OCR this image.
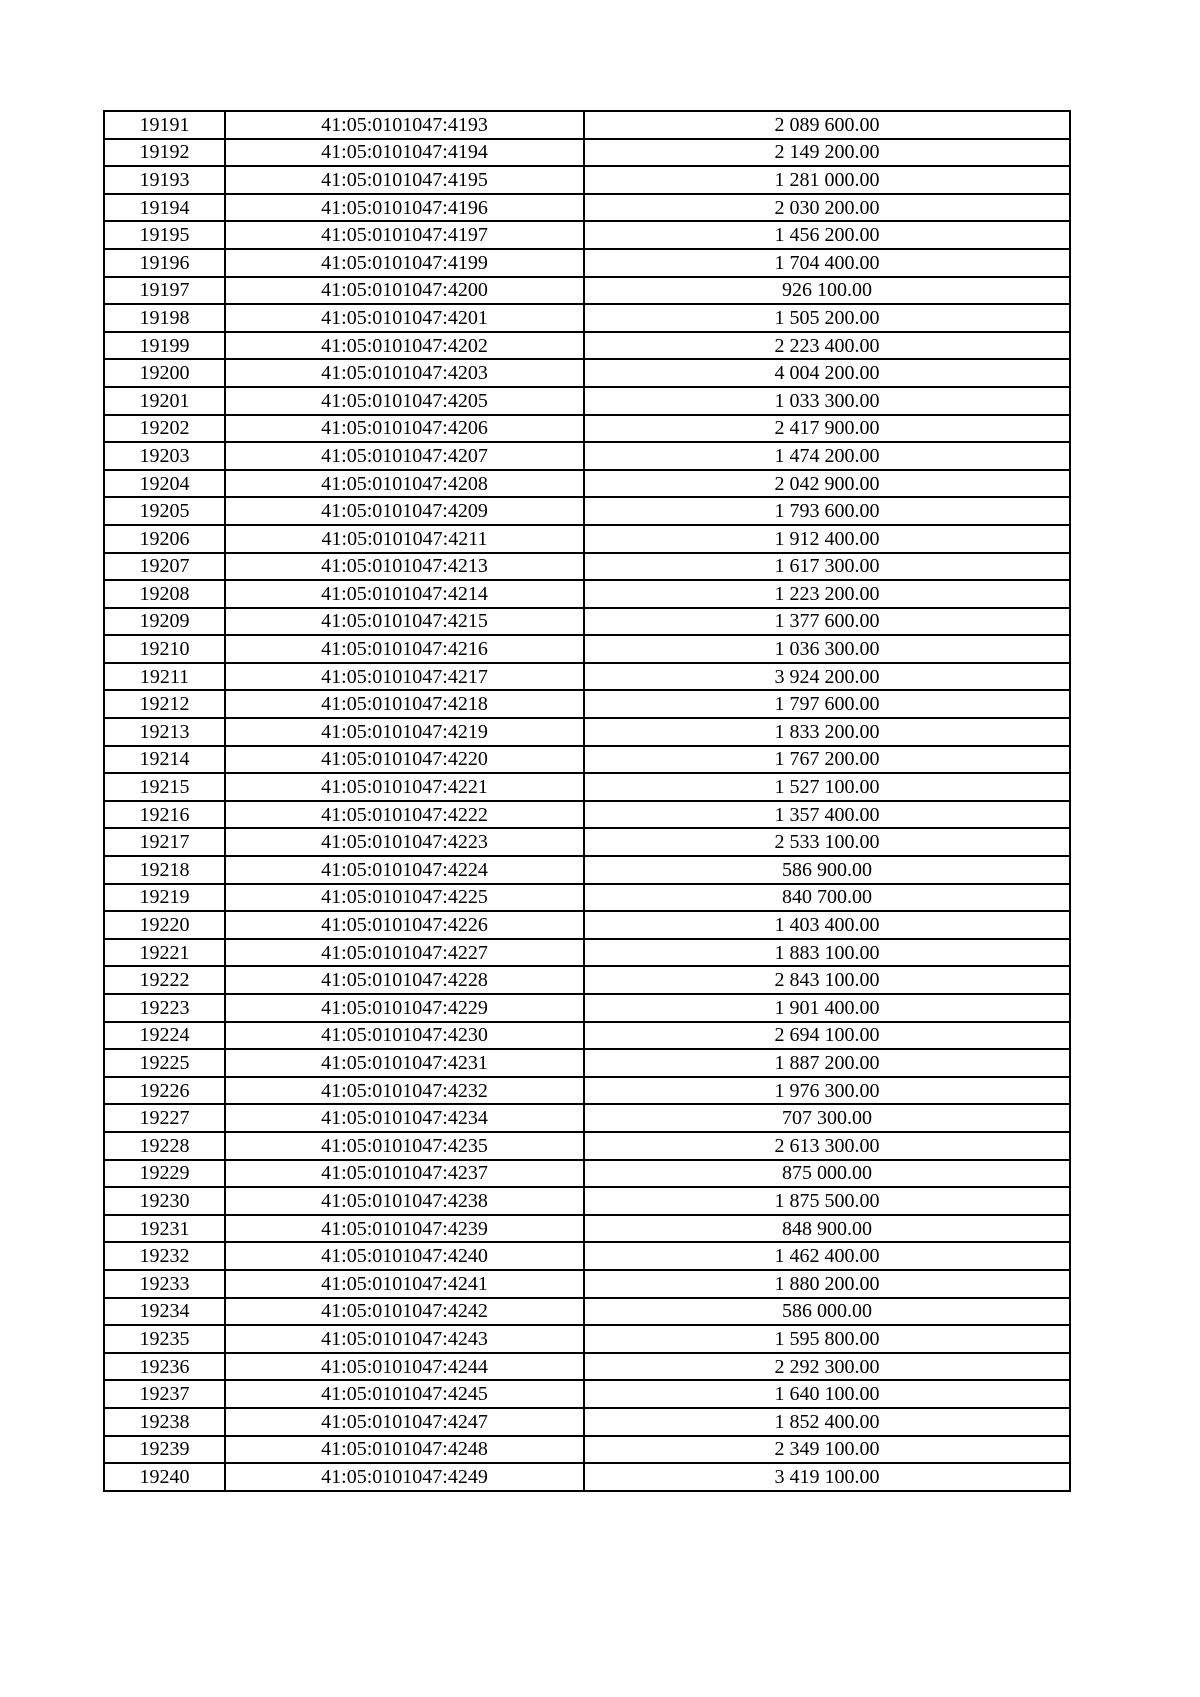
19191	41:05:0101047:4193	2 089 600.00
19192	41:05:0101047:4194	2 149 200.00
19193	41:05:0101047:4195	1 281 000.00
19194	41:05:0101047:4196	2 030 200.00
19195	41:05:0101047:4197	1 456 200.00
19196	41:05:0101047:4199	1 704 400.00
19197	41:05:0101047:4200	926 100.00
19198	41:05:0101047:4201	1 505 200.00
19199	41:05:0101047:4202	2 223 400.00
19200	41:05:0101047:4203	4 004 200.00
19201	41:05:0101047:4205	1 033 300.00
19202	41:05:0101047:4206	2 417 900.00
19203	41:05:0101047:4207	1 474 200.00
19204	41:05:0101047:4208	2 042 900.00
19205	41:05:0101047:4209	1 793 600.00
19206	41:05:0101047:4211	1 912 400.00
19207	41:05:0101047:4213	1 617 300.00
19208	41:05:0101047:4214	1 223 200.00
19209	41:05:0101047:4215	1 377 600.00
19210	41:05:0101047:4216	1 036 300.00
19211	41:05:0101047:4217	3 924 200.00
19212	41:05:0101047:4218	1 797 600.00
19213	41:05:0101047:4219	1 833 200.00
19214	41:05:0101047:4220	1 767 200.00
19215	41:05:0101047:4221	1 527 100.00
19216	41:05:0101047:4222	1 357 400.00
19217	41:05:0101047:4223	2 533 100.00
19218	41:05:0101047:4224	586 900.00
19219	41:05:0101047:4225	840 700.00
19220	41:05:0101047:4226	1 403 400.00
19221	41:05:0101047:4227	1 883 100.00
19222	41:05:0101047:4228	2 843 100.00
19223	41:05:0101047:4229	1 901 400.00
19224	41:05:0101047:4230	2 694 100.00
19225	41:05:0101047:4231	1 887 200.00
19226	41:05:0101047:4232	1 976 300.00
19227	41:05:0101047:4234	707 300.00
19228	41:05:0101047:4235	2 613 300.00
19229	41:05:0101047:4237	875 000.00
19230	41:05:0101047:4238	1 875 500.00
19231	41:05:0101047:4239	848 900.00
19232	41:05:0101047:4240	1 462 400.00
19233	41:05:0101047:4241	1 880 200.00
19234	41:05:0101047:4242	586 000.00
19235	41:05:0101047:4243	1 595 800.00
19236	41:05:0101047:4244	2 292 300.00
19237	41:05:0101047:4245	1 640 100.00
19238	41:05:0101047:4247	1 852 400.00
19239	41:05:0101047:4248	2 349 100.00
19240	41:05:0101047:4249	3 419 100.00
